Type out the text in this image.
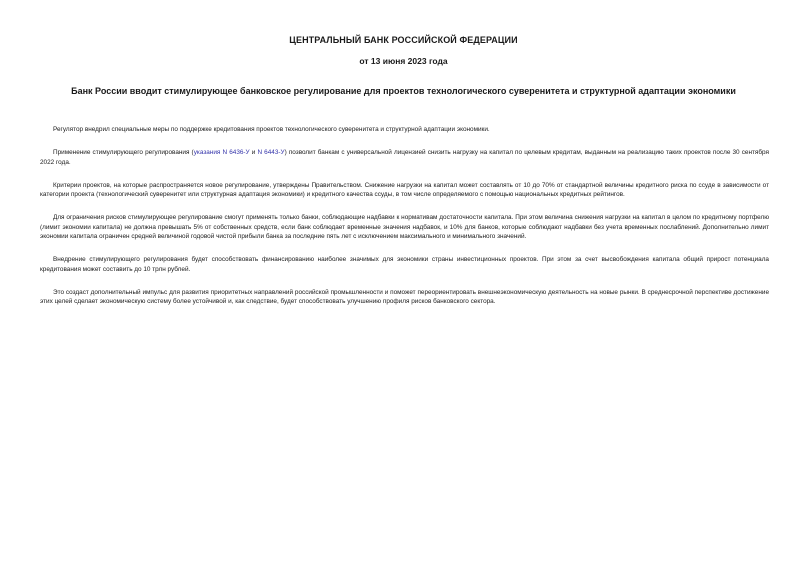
ЦЕНТРАЛЬНЫЙ БАНК РОССИЙСКОЙ ФЕДЕРАЦИИ
от 13 июня 2023 года
Банк России вводит стимулирующее банковское регулирование для проектов технологического суверенитета и структурной адаптации экономики

Регулятор внедрил специальные меры по поддержке кредитования проектов технологического суверенитета и структурной адаптации экономики.

Применение стимулирующего регулирования (указания N 6436-У и N 6443-У) позволит банкам с универсальной лицензией снизить нагрузку на капитал по целевым кредитам, выданным на реализацию таких проектов после 30 сентября 2022 года.

Критерии проектов, на которые распространяется новое регулирование, утверждены Правительством. Снижение нагрузки на капитал может составлять от 10 до 70% от стандартной величины кредитного риска по ссуде в зависимости от категории проекта (технологический суверенитет или структурная адаптация экономики) и кредитного качества ссуды, в том числе определяемого с помощью национальных кредитных рейтингов.

Для ограничения рисков стимулирующее регулирование смогут применять только банки, соблюдающие надбавки к нормативам достаточности капитала. При этом величина снижения нагрузки на капитал в целом по кредитному портфелю (лимит экономии капитала) не должна превышать 5% от собственных средств, если банк соблюдает временные значения надбавок, и 10% для банков, которые соблюдают надбавки без учета временных послаблений. Дополнительно лимит экономии капитала ограничен средней величиной годовой чистой прибыли банка за последние пять лет с исключением максимального и минимального значений.

Внедрение стимулирующего регулирования будет способствовать финансированию наиболее значимых для экономики страны инвестиционных проектов. При этом за счет высвобождения капитала общий прирост потенциала кредитования может составить до 10 трлн рублей.

Это создаст дополнительный импульс для развития приоритетных направлений российской промышленности и поможет переориентировать внешнеэкономическую деятельность на новые рынки. В среднесрочной перспективе достижение этих целей сделает экономическую систему более устойчивой и, как следствие, будет способствовать улучшению профиля рисков банковского сектора.
